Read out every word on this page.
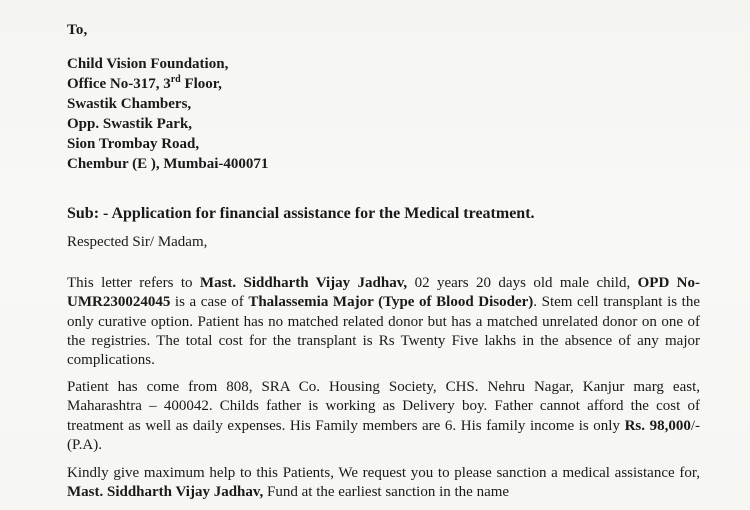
To,
Child Vision Foundation,
Office No-317, 3rd Floor,
Swastik Chambers,
Opp. Swastik Park,
Sion Trombay Road,
Chembur (E ), Mumbai-400071
Sub: - Application for financial assistance for the Medical treatment.
Respected Sir/ Madam,
This letter refers to Mast. Siddharth Vijay Jadhav, 02 years 20 days old male child, OPD No-UMR230024045 is a case of Thalassemia Major (Type of Blood Disoder). Stem cell transplant is the only curative option. Patient has no matched related donor but has a matched unrelated donor on one of the registries. The total cost for the transplant is Rs Twenty Five lakhs in the absence of any major complications.
Patient has come from 808, SRA Co. Housing Society, CHS. Nehru Nagar, Kanjur marg east, Maharashtra – 400042. Childs father is working as Delivery boy. Father cannot afford the cost of treatment as well as daily expenses. His Family members are 6. His family income is only Rs. 98,000/-(P.A).
Kindly give maximum help to this Patients, We request you to please sanction a medical assistance for, Mast. Siddharth Vijay Jadhav, Fund at the earliest sanction in the name
